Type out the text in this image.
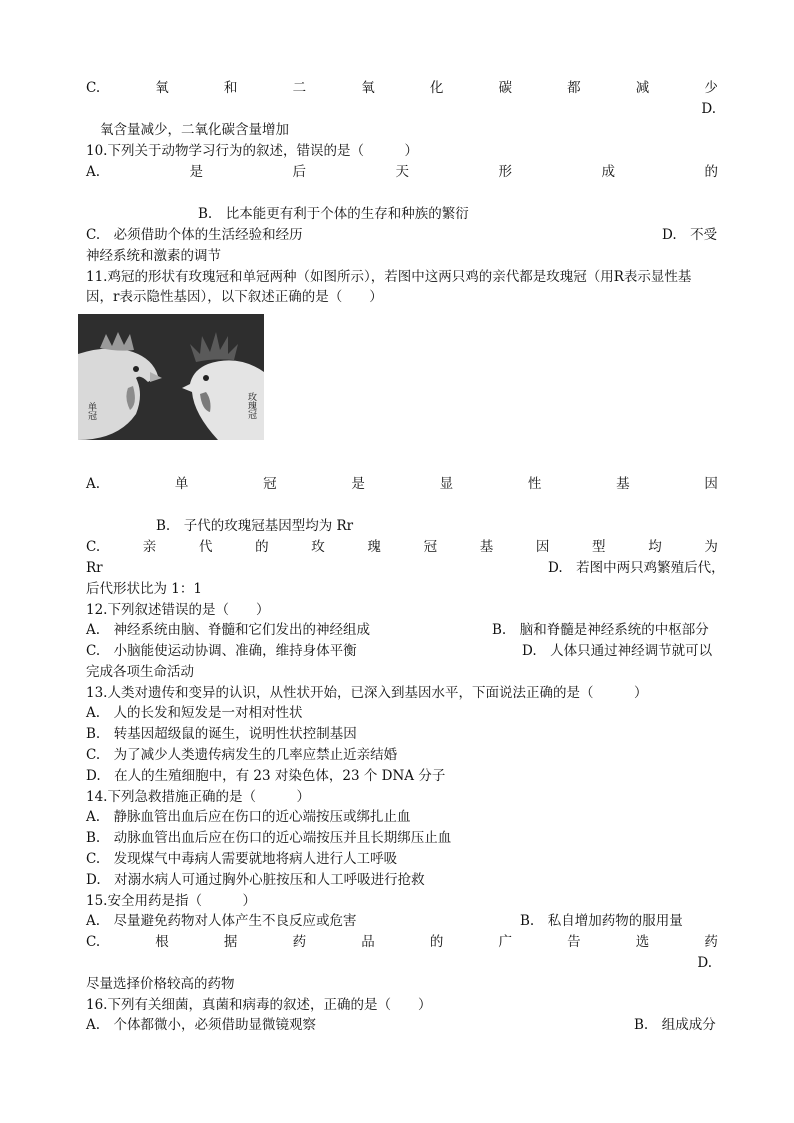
C.	氧	和	二	氧	化	碳	都	减	少
D.
氧含量减少，二氧化碳含量增加
10.下列关于动物学习行为的叙述，错误的是（　　　）
A.	是	后	天	形	成	的
B.　比本能更有利于个体的生存和种族的繁衍
C.　必须借助个体的生活经验和经历	D.　不受
神经系统和激素的调节
11.鸡冠的形状有玫瑰冠和单冠两种（如图所示），若图中这两只鸡的亲代都是玫瑰冠（用R表示显性基
因，r表示隐性基因），以下叙述正确的是（　　）
单冠	玫瑰冠
A.	单	冠	是	显	性	基	因
B.　子代的玫瑰冠基因型均为 Rr
C.	亲	代	的	玫	瑰	冠	基	因	型	均	为
Rr	D.　若图中两只鸡繁殖后代，
后代形状比为 1：1
12.下列叙述错误的是（　　）
A.　神经系统由脑、脊髓和它们发出的神经组成	B.　脑和脊髓是神经系统的中枢部分
C.　小脑能使运动协调、准确，维持身体平衡	D.　人体只通过神经调节就可以
完成各项生命活动
13.人类对遗传和变异的认识，从性状开始，已深入到基因水平，下面说法正确的是（　　　）
A.　人的长发和短发是一对相对性状
B.　转基因超级鼠的诞生，说明性状控制基因
C.　为了减少人类遗传病发生的几率应禁止近亲结婚
D.　在人的生殖细胞中，有 23 对染色体，23 个 DNA 分子
14.下列急救措施正确的是（　　　）
A.　静脉血管出血后应在伤口的近心端按压或绑扎止血
B.　动脉血管出血后应在伤口的近心端按压并且长期绑压止血
C.　发现煤气中毒病人需要就地将病人进行人工呼吸
D.　对溺水病人可通过胸外心脏按压和人工呼吸进行抢救
15.安全用药是指（　　　）
A.　尽量避免药物对人体产生不良反应或危害	B.　私自增加药物的服用量
C.	根	据	药	品	的	广	告	选	药
D.
尽量选择价格较高的药物
16.下列有关细菌，真菌和病毒的叙述，正确的是（　　）
A.　个体都微小，必须借助显微镜观察	B.　组成成分
